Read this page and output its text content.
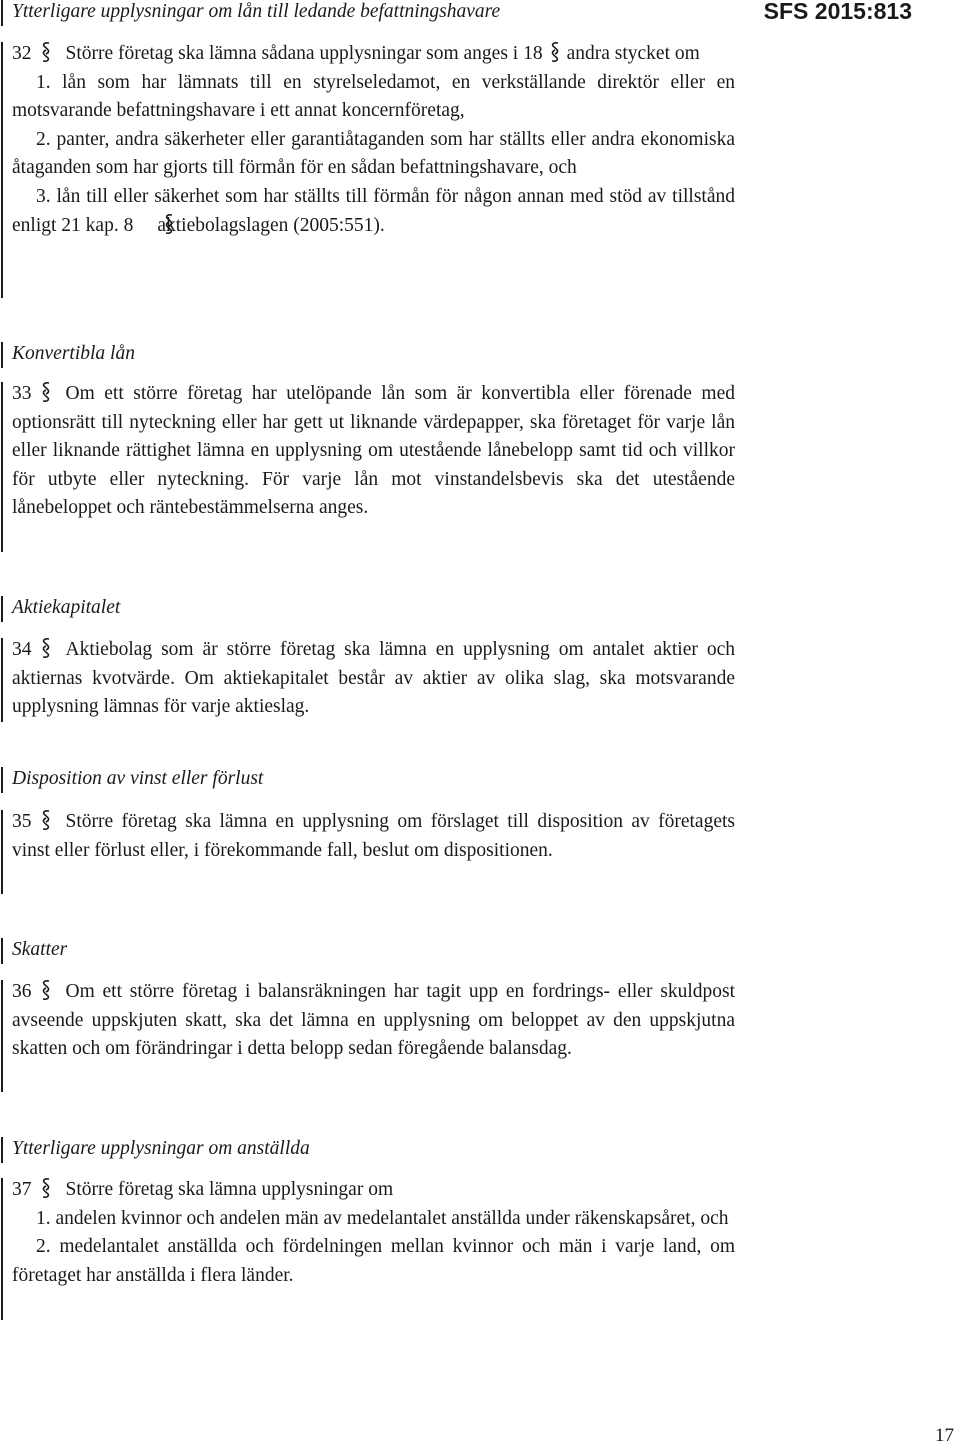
SFS 2015:813
Ytterligare upplysningar om lån till ledande befattningshavare

32 Större företag ska lämna sådana upplysningar som anges i 18 andra stycket om

1. lån som har lämnats till en styrelseledamot, en verkställande direktör eller en motsvarande befattningshavare i ett annat koncernföretag,

2. panter, andra säkerheter eller garantiåtaganden som har ställts eller andra ekonomiska åtaganden som har gjorts till förmån för en sådan befattningshavare, och

3. lån till eller säkerhet som har ställts till förmån för någon annan med stöd av tillstånd enligt 21 kap. 8 aktiebolagslagen (2005:551).

Konvertibla lån

33 Om ett större företag har utelöpande lån som är konvertibla eller förenade med optionsrätt till nyteckning eller har gett ut liknande värdepapper, ska företaget för varje lån eller liknande rättighet lämna en upplysning om utestående lånebelopp samt tid och villkor för utbyte eller nyteckning. För varje lån mot vinstandelsbevis ska det utestående lånebeloppet och räntebestämmelserna anges.

Aktiekapitalet

34 Aktiebolag som är större företag ska lämna en upplysning om antalet aktier och aktiernas kvotvärde. Om aktiekapitalet består av aktier av olika slag, ska motsvarande upplysning lämnas för varje aktieslag.

Disposition av vinst eller förlust

35 Större företag ska lämna en upplysning om förslaget till disposition av företagets vinst eller förlust eller, i förekommande fall, beslut om dispositionen.

Skatter

36 Om ett större företag i balansräkningen har tagit upp en fordrings- eller skuldpost avseende uppskjuten skatt, ska det lämna en upplysning om beloppet av den uppskjutna skatten och om förändringar i detta belopp sedan föregående balansdag.

Ytterligare upplysningar om anställda

37 Större företag ska lämna upplysningar om

1. andelen kvinnor och andelen män av medelantalet anställda under räkenskapsåret, och

2. medelantalet anställda och fördelningen mellan kvinnor och män i varje land, om företaget har anställda i flera länder.

17
